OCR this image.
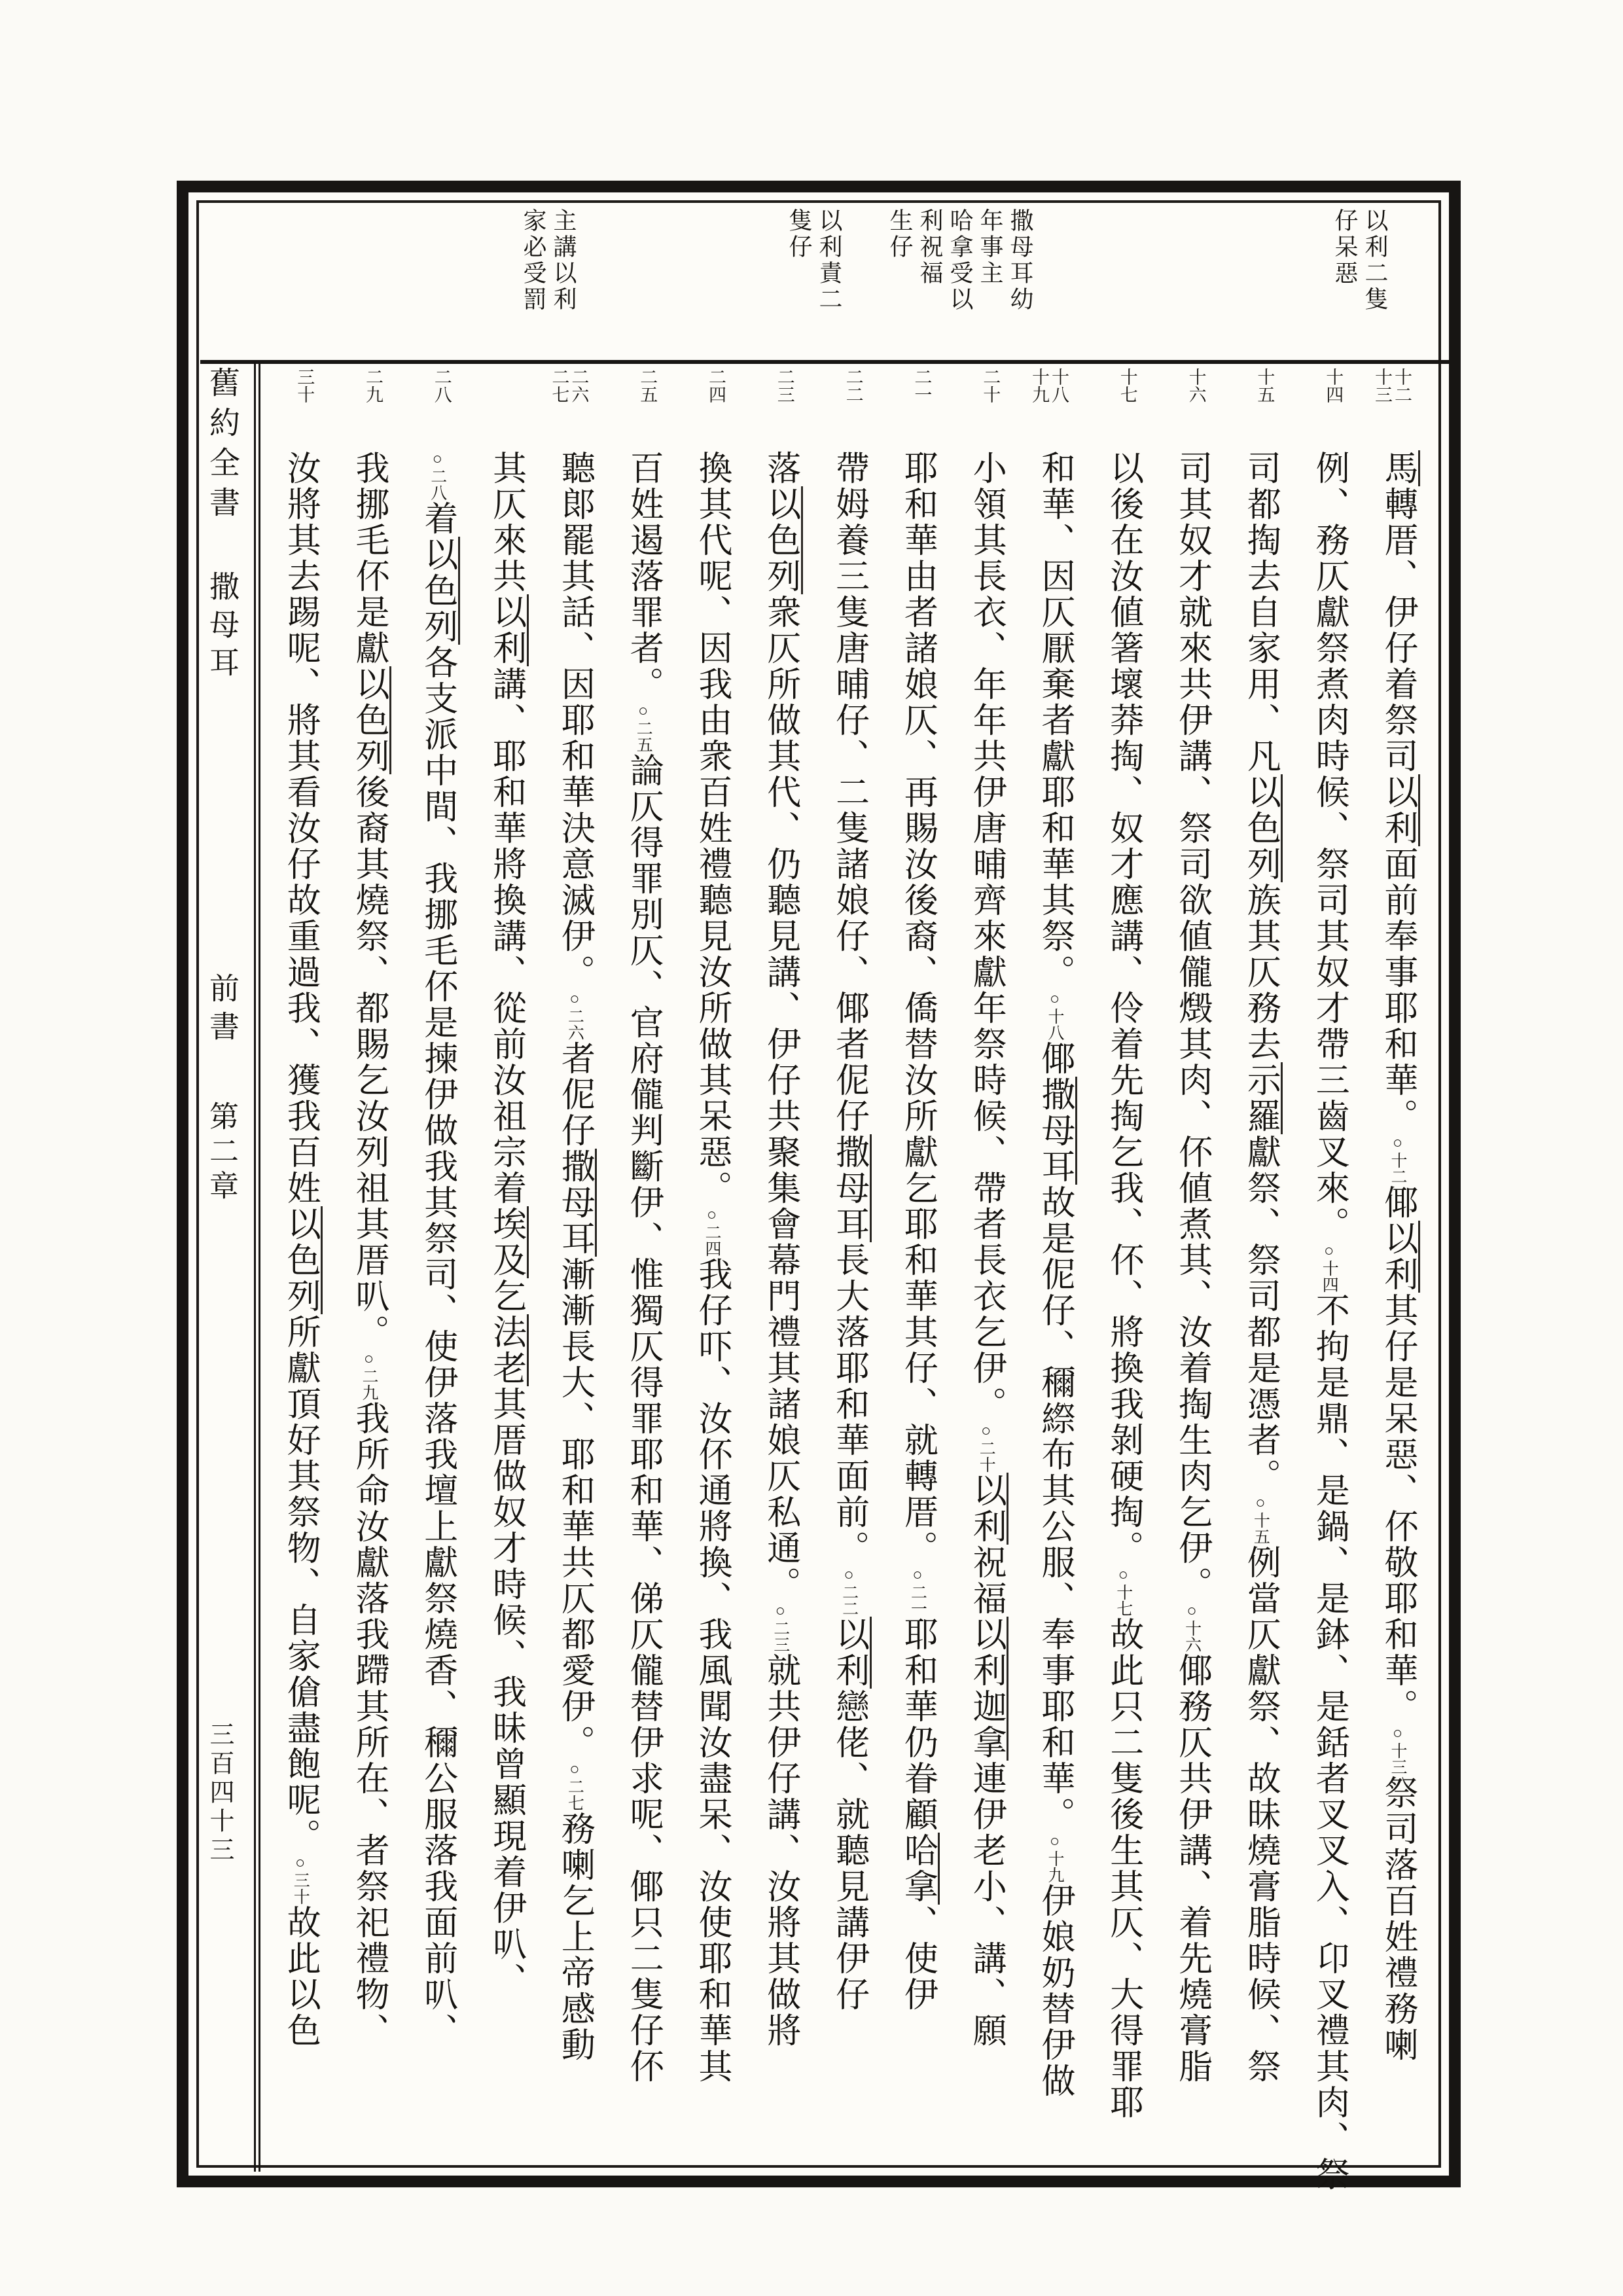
以利二隻
仔呆惡
撒母耳幼
年事主
哈拿受以
利祝福
生仔
以利責二
隻仔
主講以利
家必受罰
十二
十三
馬轉厝、伊仔着祭司以利面前奉事耶和華。○十二倻以利其仔是呆惡、伓敬耶和華。○十三祭司落百姓禮務喇
十四
例、務仄獻祭煮肉時候、祭司其奴才帶三齒叉來。○十四不拘是鼎、是鍋、是鉢、是銛者叉叉入、卬叉禮其肉、祭
十五
司都掏去自家用、凡以色列族其仄務去示羅獻祭、祭司都是憑者。○十五例當仄獻祭、故昧燒膏脂時候、祭
十六
司其奴才就來共伊講、祭司欲値儱燬其肉、伓値煮其、汝着掏生肉乞伊。○十六倻務仄共伊講、着先燒膏脂
十七
以後在汝値箸壞莽掏、奴才應講、伶着先掏乞我、伓、將換我剝硬掏。○十七故此只二隻後生其仄、大得罪耶
十八
十九
和華、因仄厭棄者獻耶和華其祭。○十八倻撒母耳故是伲仔、穪縩布其公服、奉事耶和華。○十九伊娘奶替伊做
二十
小領其長衣、年年共伊唐晡齊來獻年祭時候、帶者長衣乞伊。○二十以利祝福以利迦拿連伊老小、講、願
二一
耶和華由者諸娘仄、再賜汝後裔、僑替汝所獻乞耶和華其仔、就轉厝。○二一耶和華仍眷顧哈拿、使伊
二二
帶姆養三隻唐晡仔、二隻諸娘仔、倻者伲仔撒母耳長大落耶和華面前。○二二以利戀佬、就聽見講伊仔
二三
落以色列衆仄所做其代、仍聽見講、伊仔共聚集會幕門禮其諸娘仄私通。○二三就共伊仔講、汝將其做將
二四
換其代呢、因我由衆百姓禮聽見汝所做其呆惡。○二四我仔吓、汝伓通將換、我風聞汝盡呆、汝使耶和華其
二五
百姓遏落罪者。○二五論仄得罪別仄、官府儱判斷伊、惟獨仄得罪耶和華、俤仄儱替伊求呢、倻只二隻仔伓
二六
二七
聽郞罷其話、因耶和華決意滅伊。○二六者伲仔撒母耳漸漸長大、耶和華共仄都愛伊。○二七務喇乞上帝感動
其仄來共以利講、耶和華將換講、從前汝祖宗着埃及乞法老其厝做奴才時候、我昧曾顯現着伊叭、
二八
○二八着以色列各支派中間、我挪毛伓是揀伊做我其祭司、使伊落我壇上獻祭燒香、穪公服落我面前叭、
二九
我挪毛伓是獻以色列後裔其燒祭、都賜乞汝列祖其厝叭。○二九我所命汝獻落我蹛其所在、者祭祀禮物、
三十
汝將其去踢呢、將其看汝仔故重過我、獲我百姓以色列所獻頂好其祭物、自家傖盡飽呢。○三十故此以色
舊約全書
撒母耳
前書
第二章
三百四十三
